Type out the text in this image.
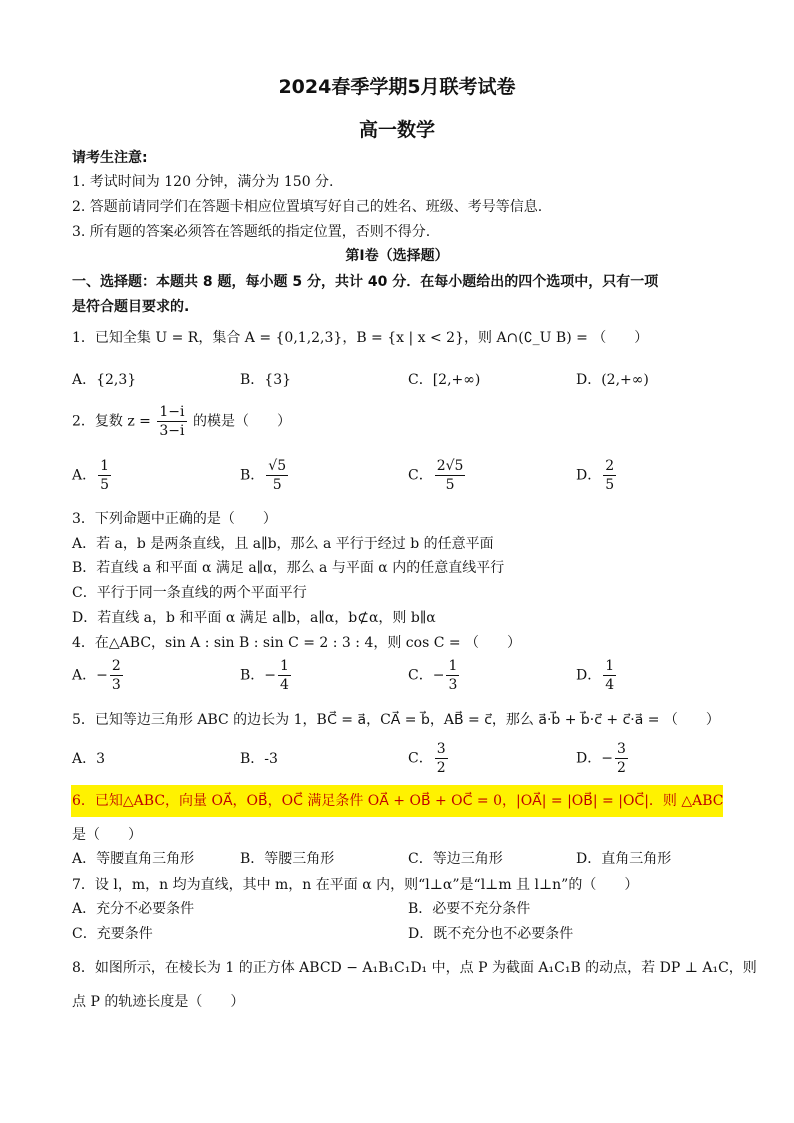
2024春季学期5月联考试卷
高一数学
请考生注意:
1. 考试时间为 120 分钟，满分为 150 分.
2. 答题前请同学们在答题卡相应位置填写好自己的姓名、班级、考号等信息.
3. 所有题的答案必须答在答题纸的指定位置，否则不得分.
第Ⅰ卷（选择题）
一、选择题：本题共 8 题，每小题 5 分，共计 40 分．在每小题给出的四个选项中，只有一项
是符合题目要求的.
1．已知全集 U = R，集合 A = {0,1,2,3}，B = {x | x < 2}，则 A∩(∁_U B) = （　　）
A．{2,3}	B．{3}	C．[2,+∞)	D．(2,+∞)
2．复数 $z = \frac{1-i}{3-i}$ 的模是（　　）
A． $\frac{1}{5}$	B． $\frac{√5}{5}$	C． $\frac{2√5}{5}$	D． $\frac{2}{5}$
3．下列命题中正确的是（　　）
A．若 a，b 是两条直线，且 a∥b，那么 a 平行于经过 b 的任意平面
B．若直线 a 和平面 α 满足 a∥α，那么 a 与平面 α 内的任意直线平行
C．平行于同一条直线的两个平面平行
D．若直线 a，b 和平面 α 满足 a∥b，a∥α，b⊄α，则 b∥α
4．在△ABC，sin A : sin B : sin C = 2 : 3 : 4，则 cos C = （　　）
A．− $\frac{2}{3}$	B．− $\frac{1}{4}$	C．− $\frac{1}{3}$	D． $\frac{1}{4}$
5．已知等边三角形 ABC 的边长为 1，BC⃗ = a⃗，CA⃗ = b⃗，AB⃗ = c⃗，那么 a⃗·b⃗ + b⃗·c⃗ + c⃗·a⃗ = （　　）
A．3	B．-3	C． $\frac{3}{2}$	D．− $\frac{3}{2}$
6．已知△ABC，向量 OA⃗，OB⃗，OC⃗ 满足条件 OA⃗ + OB⃗ + OC⃗ = 0，|OA⃗| = |OB⃗| = |OC⃗|．则 △ABC
是（　　）
A．等腰直角三角形	B．等腰三角形	C．等边三角形	D．直角三角形
7．设 l，m，n 均为直线，其中 m，n 在平面 α 内，则“l⊥α”是“l⊥m 且 l⊥n”的（　　）
A．充分不必要条件	B．必要不充分条件
C．充要条件	D．既不充分也不必要条件
8．如图所示，在棱长为 1 的正方体 ABCD − A₁B₁C₁D₁ 中，点 P 为截面 A₁C₁B 的动点，若 DP ⊥ A₁C，则
点 P 的轨迹长度是（　　）
